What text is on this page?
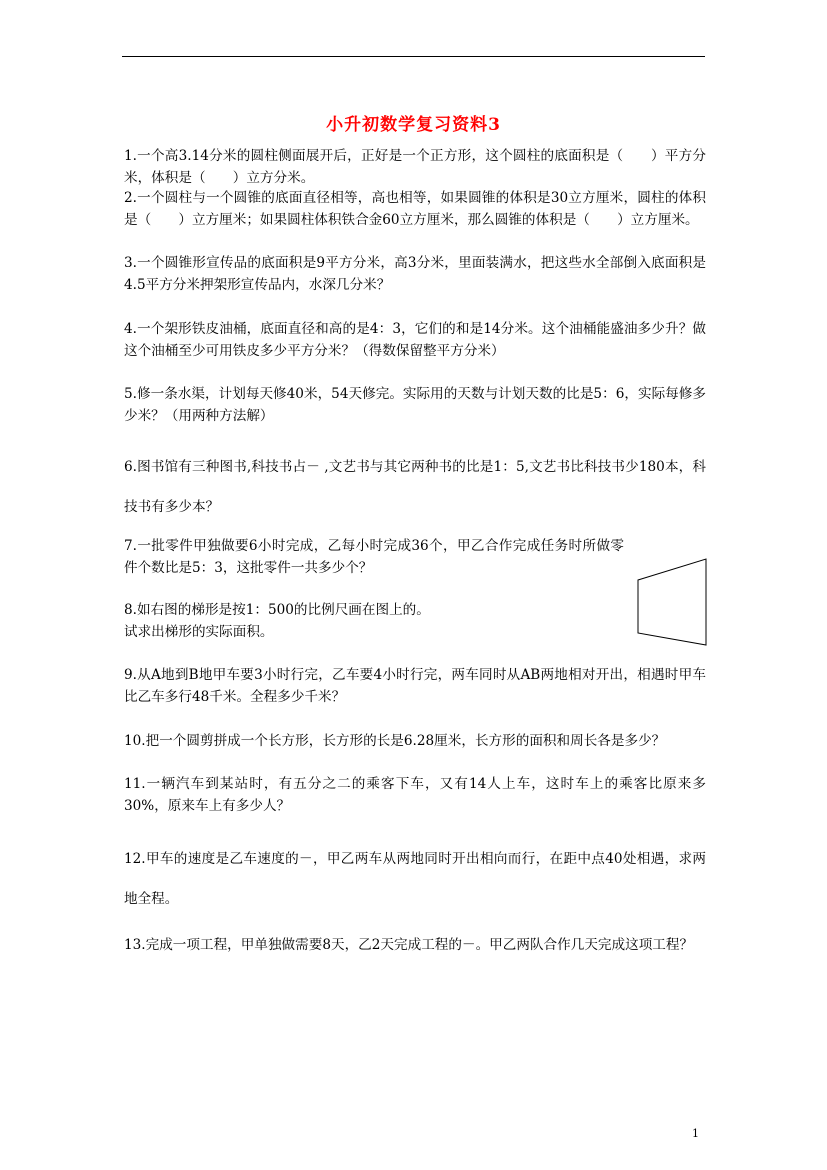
小升初数学复习资料3

1.一个高3.14分米的圆柱侧面展开后，正好是一个正方形，这个圆柱的底面积是（　　）平方分米，体积是（　　）立方分米。

2.一个圆柱与一个圆锥的底面直径相等，高也相等，如果圆锥的体积是30立方厘米，圆柱的体积是（　　）立方厘米；如果圆柱体积铁合金60立方厘米，那么圆锥的体积是（　　）立方厘米。

3.一个圆锥形宣传品的底面积是9平方分米，高3分米，里面装满水，把这些水全部倒入底面积是4.5平方分米押架形宣传品内，水深几分米？

4.一个架形铁皮油桶，底面直径和高的是4：3，它们的和是14分米。这个油桶能盛油多少升？做这个油桶至少可用铁皮多少平方分米？（得数保留整平方分米）

5.修一条水渠，计划每天修40米，54天修完。实际用的天数与计划天数的比是5：6，实际每修多少米？（用两种方法解）

6.图书馆有三种图书,科技书占－ ,文艺书与其它两种书的比是1：5,文艺书比科技书少180本，科技书有多少本？

7.一批零件甲独做要6小时完成，乙每小时完成36个，甲乙合作完成任务时所做零件个数比是5：3，这批零件一共多少个？

8.如右图的梯形是按1：500的比例尺画在图上的。
试求出梯形的实际面积。

9.从A地到B地甲车要3小时行完，乙车要4小时行完，两车同时从AB两地相对开出，相遇时甲车比乙车多行48千米。全程多少千米？

10.把一个圆剪拼成一个长方形，长方形的长是6.28厘米，长方形的面积和周长各是多少？

11.一辆汽车到某站时，有五分之二的乘客下车，又有14人上车，这时车上的乘客比原来多30%，原来车上有多少人？

12.甲车的速度是乙车速度的－，甲乙两车从两地同时开出相向而行，在距中点40处相遇，求两地全程。

13.完成一项工程，甲单独做需要8天，乙2天完成工程的－。甲乙两队合作几天完成这项工程？

1
